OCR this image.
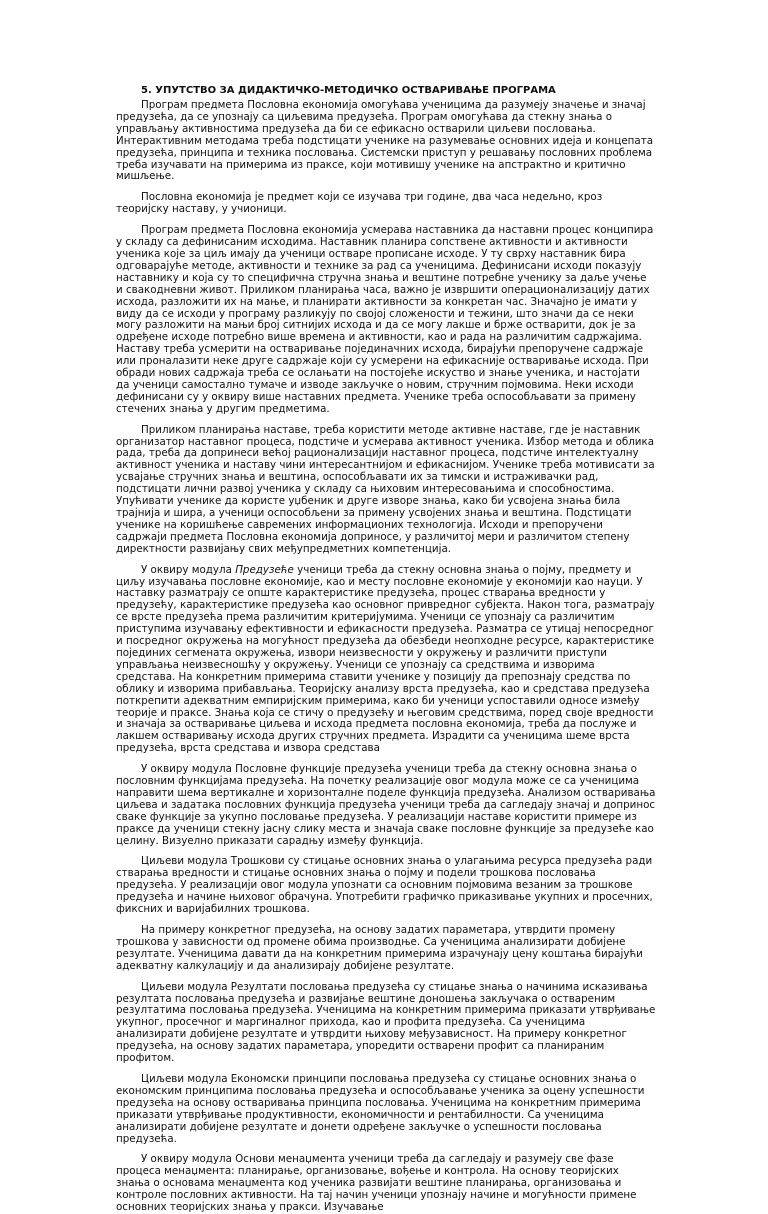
5. УПУТСТВО ЗА ДИДАКТИЧКО-МЕТОДИЧКО ОСТВАРИВАЊЕ ПРОГРАМА

Програм предмета Пословна економија омогућава ученицима да разумеју значење и значај предузећа, да се упознају са циљевима предузећа. Програм омогућава да стекну знања о управљању активностима предузећа да би се ефикасно остварили циљеви пословања. Интерактивним методама треба подстицати ученике на разумевање основних идеја и концепата предузећа, принципа и техника пословања. Системски приступ у решавању пословних проблема треба изучавати на примерима из праксе, који мотивишу ученике на апстрактно и критично мишљење.

Пословна економија је предмет који се изучава три године, два часа недељно, кроз теоријску наставу, у учионици.

Програм предмета Пословна економија усмерава наставника да наставни процес конципира у складу са дефинисаним исходима. Наставник планира сопствене активности и активности ученика које за циљ имају да ученици остваре прописане исходе. У ту сврху наставник бира одговарајуће методе, активности и технике за рад са ученицима. Дефинисани исходи показују наставнику и која су то специфична стручна знања и вештине потребне ученику за даље учење и свакодневни живот. Приликом планирања часа, важно је извршити операционализацију датих исхода, разложити их на мање, и планирати активности за конкретан час. Значајно је имати у виду да се исходи у програму разликују по својој сложености и тежини, што значи да се неки могу разложити на мањи број ситнијих исхода и да се могу лакше и брже остварити, док је за одређене исходе потребно више времена и активности, као и рада на различитим садржајима. Наставу треба усмерити на остваривање појединачних исхода, бирајући препоручене садржаје или проналазити неке друге садржаје који су усмерени на ефикасније остваривање исхода. При обради нових садржаја треба се ослањати на постојеће искуство и знање ученика, и настојати да ученици самостално тумаче и изводе закључке о новим, стручним појмовима. Неки исходи дефинисани су у оквиру више наставних предмета. Ученике треба оспособљавати за примену стечених знања у другим предметима.

Приликом планирања наставе, треба користити методе активне наставе, где је наставник организатор наставног процеса, подстиче и усмерава активност ученика. Избор метода и облика рада, треба да допринеси већој рационализацији наставног процеса, подстиче интелектуалну активност ученика и наставу чини интересантнијом и ефикаснијом. Ученике треба мотивисати за усвајање стручних знања и вештина, оспособљавати их за тимски и истраживачки рад, подстицати лични развој ученика у складу са њиховим интересовањима и способностима. Упућивати ученике да користе уџбеник и друге изворе знања, како би усвојена знања била трајнија и шира, а ученици оспособљени за примену усвојених знања и вештина. Подстицати ученике на коришћење савремених информационих технологија. Исходи и препоручени садржаји предмета Пословна економија доприносе, у различитој мери и различитом степену директности развијању свих међупредметних компетенција.

У оквиру модула Предузеће ученици треба да стекну основна знања о појму, предмету и циљу изучавања пословне економије, као и месту пословне економије у економији као науци. У наставку разматрају се опште карактеристике предузећа, процес стварања вредности у предузећу, карактеристике предузећа као основног привредног субјекта. Након тога, разматрају се врсте предузећа према различитим критеријумима. Ученици се упознају са различитим приступима изучавању ефективности и ефикасности предузећа. Разматра се утицај непосредног и посредног окружења на могућност предузећа да обезбеди неопходне ресурсе, карактеристике појединих сегмената окружења, извори неизвесности у окружењу и различити приступи управљања неизвесношћу у окружењу. Ученици се упознају са средствима и изворима средстава. На конкретним примерима ставити ученике у позицију да препознају средства по облику и изворима прибављања. Теоријску анализу врста предузећа, као и средстава предузећа поткрепити адекватним емпиријским примерима, како би ученици успоставили односе између теорије и праксе. Знања која се стичу о предузећу и његовим средствима, поред своје вредности и значаја за остваривање циљева и исхода предмета пословна економија, треба да послуже и лакшем остваривању исхода других стручних предмета. Израдити са ученицима шеме врста предузећа, врста средстава и извора средстава

У оквиру модула Пословне функције предузећа ученици треба да стекну основна знања о пословним функцијама предузећа. На почетку реализације овог модула може се са ученицима направити шема вертикалне и хоризонталне поделе функција предузећа. Анализом остваривања циљева и задатака пословних функција предузећа ученици треба да сагледају значај и допринос сваке функције за укупно пословање предузећа. У реализацији наставе користити примере из праксе да ученици стекну јасну слику места и значаја сваке пословне функције за предузеће као целину. Визуелно приказати сарадњу између функција.

Циљеви модула Трошкови су стицање основних знања о улагањима ресурса предузећа ради стварања вредности и стицање основних знања о појму и подели трошкова пословања предузећа. У реализацији овог модула упознати са основним појмовима везаним за трошкове предузећа и начине њиховог обрачуна. Употребити графичко приказивање укупних и просечних, фиксних и варијабилних трошкова.

На примеру конкретног предузећа, на основу задатих параметара, утврдити промену трошкова у зависности од промене обима производње. Са ученицима анализирати добијене резултате. Ученицима давати да на конкретним примерима израчунају цену коштања бирајући адекватну калкулацију и да анализирају добијене резултате.

Циљеви модула Резултати пословања предузећа су стицање знања о начинима исказивања резултата пословања предузећа и развијање вештине доношења закључака о оствареним резултатима пословања предузећа. Ученицима на конкретним примерима приказати утврђивање укупног, просечног и маргиналног прихода, као и профита предузећа. Са ученицима анализирати добијене резултате и утврдити њихову међузависност. На примеру конкретног предузећа, на основу задатих параметара, упоредити остварени профит са планираним профитом.

Циљеви модула Економски принципи пословања предузећа су стицање основних знања о економским принципима пословања предузећа и оспособљавање ученика за оцену успешности предузећа на основу остваривања принципа пословања. Ученицима на конкретним примерима приказати утврђивање продуктивности, економичности и рентабилности. Са ученицима анализирати добијене резултате и донети одређене закључке о успешности пословања предузећа.

У оквиру модула Основи менаџмента ученици треба да сагледају и разумеју све фазе процеса менаџмента: планирање, организовање, вођење и контрола. На основу теоријских знања о основама менаџмента код ученика развијати вештине планирања, организовања и контроле пословних активности. На тај начин ученици упознају начине и могућности примене основних теоријских знања у пракси. Изучавање
